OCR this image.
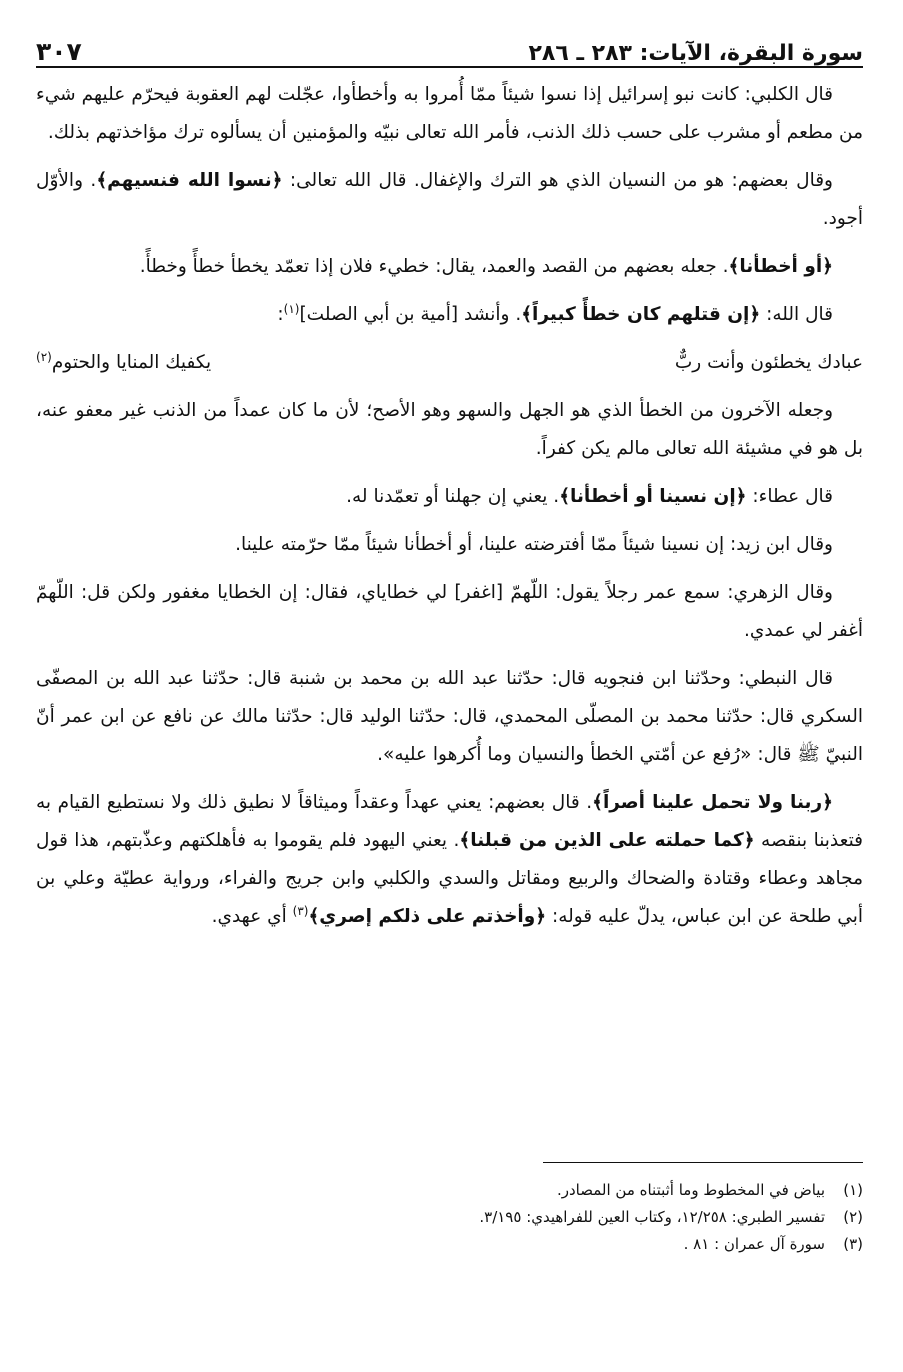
سورة البقرة، الآيات: ٢٨٣ ـ ٢٨٦
٣٠٧

قال الكلبي: كانت نبو إسرائيل إذا نسوا شيئاً ممّا أُمروا به وأخطأوا، عجّلت لهم العقوبة فيحرّم عليهم شيء من مطعم أو مشرب على حسب ذلك الذنب، فأمر الله تعالى نبيّه والمؤمنين أن يسألوه ترك مؤاخذتهم بذلك.

وقال بعضهم: هو من النسيان الذي هو الترك والإغفال. قال الله تعالى: ﴿نسوا الله فنسيهم﴾. والأوّل أجود.

﴿أو أخطأنا﴾. جعله بعضهم من القصد والعمد، يقال: خطيء فلان إذا تعمّد يخطأ خطأً وخطأً.

قال الله: ﴿إن قتلهم كان خطأً كبيراً﴾. وأنشد [أمية بن أبي الصلت]$^{(١)}$:

عبادك يخطئون وأنت ربٌّ
يكفيك المنايا والحتوم$^{(٢)}$

وجعله الآخرون من الخطأ الذي هو الجهل والسهو وهو الأصح؛ لأن ما كان عمداً من الذنب غير معفو عنه، بل هو في مشيئة الله تعالى مالم يكن كفراً.

قال عطاء: ﴿إن نسينا أو أخطأنا﴾. يعني إن جهلنا أو تعمّدنا له.

وقال ابن زيد: إن نسينا شيئاً ممّا أفترضته علينا، أو أخطأنا شيئاً ممّا حرّمته علينا.

وقال الزهري: سمع عمر رجلاً يقول: اللّهمّ [اغفر] لي خطاياي، فقال: إن الخطايا مغفور ولكن قل: اللّهمّ أغفر لي عمدي.

قال النبطي: وحدّثنا ابن فنجويه قال: حدّثنا عبد الله بن محمد بن شنبة قال: حدّثنا عبد الله بن المصفّى السكري قال: حدّثنا محمد بن المصلّى المحمدي، قال: حدّثنا الوليد قال: حدّثنا مالك عن نافع عن ابن عمر أنّ النبيّ ﷺ قال: «رُفع عن أمّتي الخطأ والنسيان وما أُكرهوا عليه».

﴿ربنا ولا تحمل علينا أصراً﴾. قال بعضهم: يعني عهداً وعقداً وميثاقاً لا نطيق ذلك ولا نستطيع القيام به فتعذبنا بنقصه ﴿كما حملته على الذين من قبلنا﴾. يعني اليهود فلم يقوموا به فأهلكتهم وعذّبتهم، هذا قول مجاهد وعطاء وقتادة والضحاك والربيع ومقاتل والسدي والكلبي وابن جريج والفراء، ورواية عطيّة وعلي بن أبي طلحة عن ابن عباس، يدلّ عليه قوله: ﴿وأخذتم على ذلكم إصري﴾$^{(٣)}$ أي عهدي.

(١)
بياض في المخطوط وما أثبتناه من المصادر.
(٢)
تفسير الطبري: ١٢/٢٥٨، وكتاب العين للفراهيدي: ٣/١٩٥.
(٣)
سورة آل عمران : ٨١ .
